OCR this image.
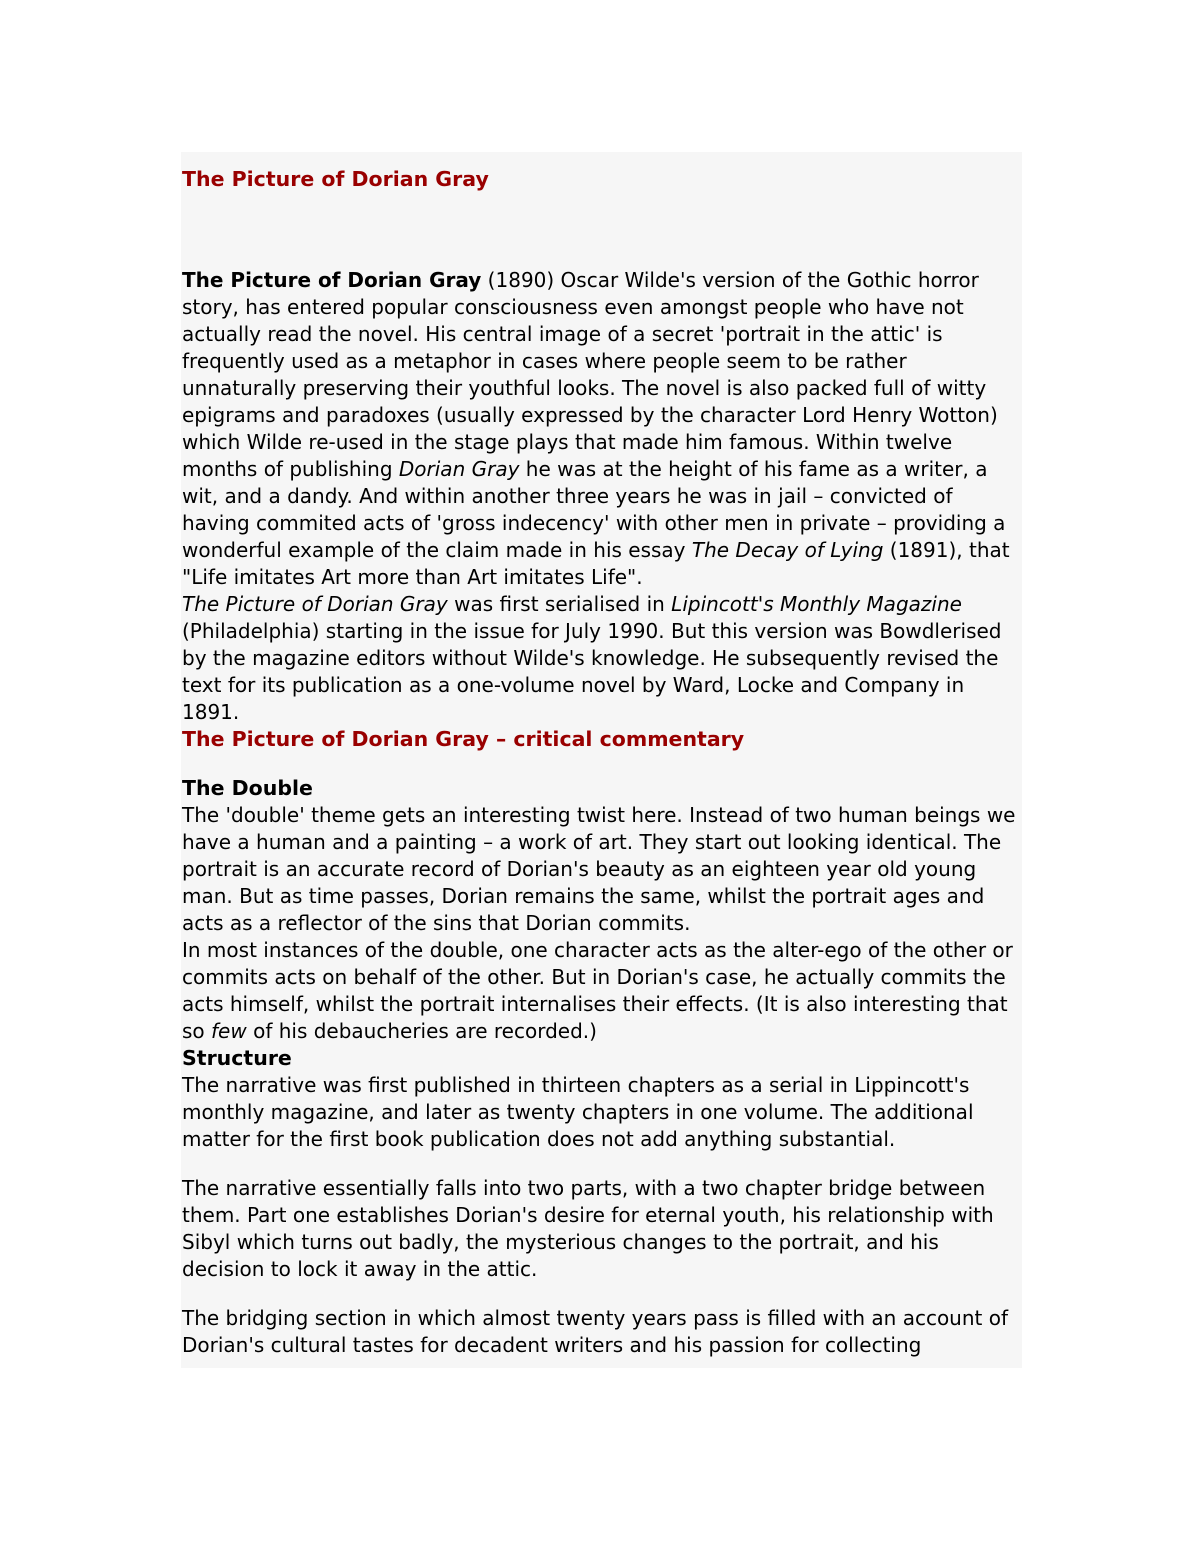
The Picture of Dorian Gray

The Picture of Dorian Gray (1890) Oscar Wilde's version of the Gothic horror story, has entered popular consciousness even amongst people who have not actually read the novel. His central image of a secret 'portrait in the attic' is frequently used as a metaphor in cases where people seem to be rather unnaturally preserving their youthful looks. The novel is also packed full of witty epigrams and paradoxes (usually expressed by the character Lord Henry Wotton) which Wilde re-used in the stage plays that made him famous. Within twelve months of publishing Dorian Gray he was at the height of his fame as a writer, a wit, and a dandy. And within another three years he was in jail – convicted of having commited acts of 'gross indecency' with other men in private – providing a wonderful example of the claim made in his essay The Decay of Lying (1891), that "Life imitates Art more than Art imitates Life".

The Picture of Dorian Gray was first serialised in Lipincott's Monthly Magazine (Philadelphia) starting in the issue for July 1990. But this version was Bowdlerised by the magazine editors without Wilde's knowledge. He subsequently revised the text for its publication as a one-volume novel by Ward, Locke and Company in 1891.

The Picture of Dorian Gray – critical commentary
The Double

The 'double' theme gets an interesting twist here. Instead of two human beings we have a human and a painting – a work of art. They start out looking identical. The portrait is an accurate record of Dorian's beauty as an eighteen year old young man. But as time passes, Dorian remains the same, whilst the portrait ages and acts as a reflector of the sins that Dorian commits.

In most instances of the double, one character acts as the alter-ego of the other or commits acts on behalf of the other. But in Dorian's case, he actually commits the acts himself, whilst the portrait internalises their effects. (It is also interesting that so few of his debaucheries are recorded.)

Structure

The narrative was first published in thirteen chapters as a serial in Lippincott's monthly magazine, and later as twenty chapters in one volume. The additional matter for the first book publication does not add anything substantial.

The narrative essentially falls into two parts, with a two chapter bridge between them. Part one establishes Dorian's desire for eternal youth, his relationship with Sibyl which turns out badly, the mysterious changes to the portrait, and his decision to lock it away in the attic.

The bridging section in which almost twenty years pass is filled with an account of Dorian's cultural tastes for decadent writers and his passion for collecting
